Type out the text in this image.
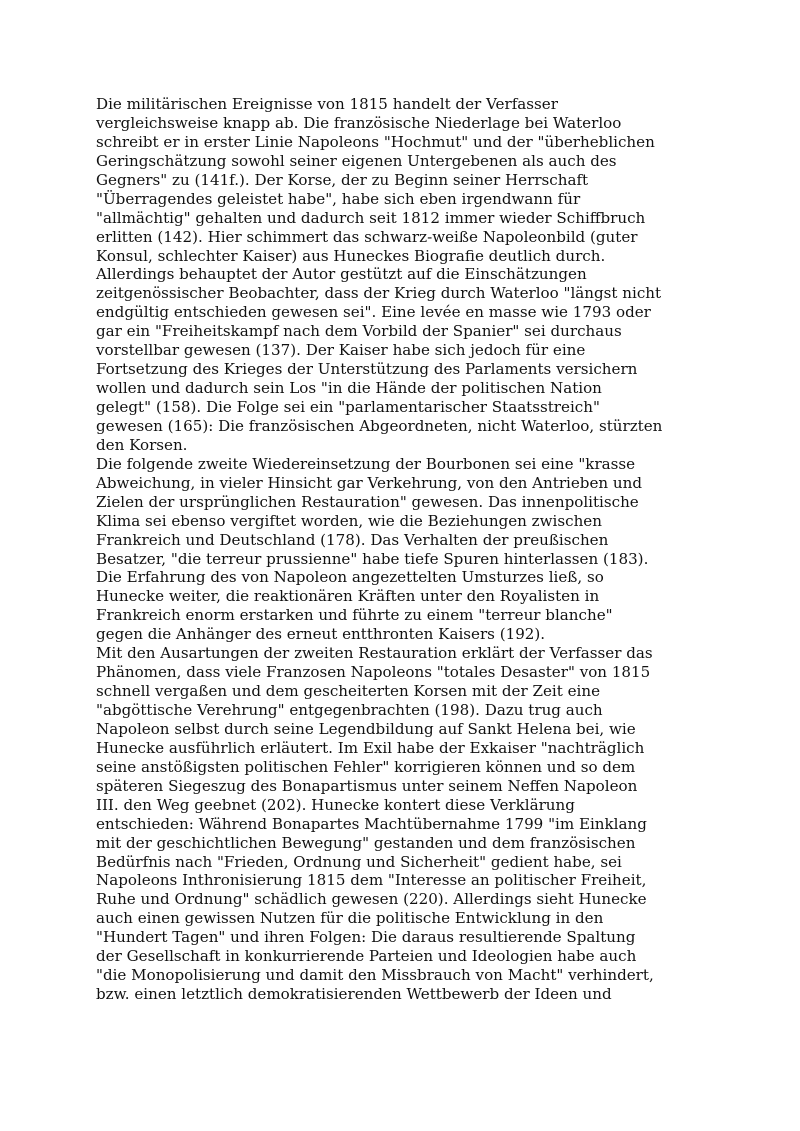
Die militärischen Ereignisse von 1815 handelt der Verfasser
vergleichsweise knapp ab. Die französische Niederlage bei Waterloo
schreibt er in erster Linie Napoleons "Hochmut" und der "überheblichen
Geringschätzung sowohl seiner eigenen Untergebenen als auch des
Gegners" zu (141f.). Der Korse, der zu Beginn seiner Herrschaft
"Überragendes geleistet habe", habe sich eben irgendwann für
"allmächtig" gehalten und dadurch seit 1812 immer wieder Schiffbruch
erlitten (142). Hier schimmert das schwarz-weiße Napoleonbild (guter
Konsul, schlechter Kaiser) aus Huneckes Biografie deutlich durch.
Allerdings behauptet der Autor gestützt auf die Einschätzungen
zeitgenössischer Beobachter, dass der Krieg durch Waterloo "längst nicht
endgültig entschieden gewesen sei". Eine levée en masse wie 1793 oder
gar ein "Freiheitskampf nach dem Vorbild der Spanier" sei durchaus
vorstellbar gewesen (137). Der Kaiser habe sich jedoch für eine
Fortsetzung des Krieges der Unterstützung des Parlaments versichern
wollen und dadurch sein Los "in die Hände der politischen Nation
gelegt" (158). Die Folge sei ein "parlamentarischer Staatsstreich"
gewesen (165): Die französischen Abgeordneten, nicht Waterloo, stürzten
den Korsen.
Die folgende zweite Wiedereinsetzung der Bourbonen sei eine "krasse
Abweichung, in vieler Hinsicht gar Verkehrung, von den Antrieben und
Zielen der ursprünglichen Restauration" gewesen. Das innenpolitische
Klima sei ebenso vergiftet worden, wie die Beziehungen zwischen
Frankreich und Deutschland (178). Das Verhalten der preußischen
Besatzer, "die terreur prussienne" habe tiefe Spuren hinterlassen (183).
Die Erfahrung des von Napoleon angezettelten Umsturzes ließ, so
Hunecke weiter, die reaktionären Kräften unter den Royalisten in
Frankreich enorm erstarken und führte zu einem "terreur blanche"
gegen die Anhänger des erneut entthronten Kaisers (192).
Mit den Ausartungen der zweiten Restauration erklärt der Verfasser das
Phänomen, dass viele Franzosen Napoleons "totales Desaster" von 1815
schnell vergaßen und dem gescheiterten Korsen mit der Zeit eine
"abgöttische Verehrung" entgegenbrachten (198). Dazu trug auch
Napoleon selbst durch seine Legendbildung auf Sankt Helena bei, wie
Hunecke ausführlich erläutert. Im Exil habe der Exkaiser "nachträglich
seine anstößigsten politischen Fehler" korrigieren können und so dem
späteren Siegeszug des Bonapartismus unter seinem Neffen Napoleon
III. den Weg geebnet (202). Hunecke kontert diese Verklärung
entschieden: Während Bonapartes Machtübernahme 1799 "im Einklang
mit der geschichtlichen Bewegung" gestanden und dem französischen
Bedürfnis nach "Frieden, Ordnung und Sicherheit" gedient habe, sei
Napoleons Inthronisierung 1815 dem "Interesse an politischer Freiheit,
Ruhe und Ordnung" schädlich gewesen (220). Allerdings sieht Hunecke
auch einen gewissen Nutzen für die politische Entwicklung in den
"Hundert Tagen" und ihren Folgen: Die daraus resultierende Spaltung
der Gesellschaft in konkurrierende Parteien und Ideologien habe auch
"die Monopolisierung und damit den Missbrauch von Macht" verhindert,
bzw. einen letztlich demokratisierenden Wettbewerb der Ideen und
